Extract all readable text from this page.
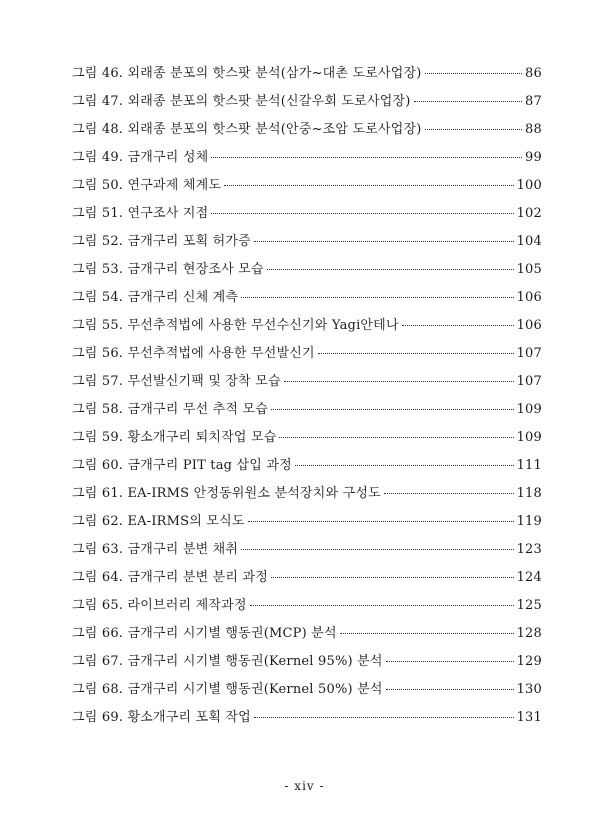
그림 46. 외래종 분포의 핫스팟 분석(삼가~대촌 도로사업장)	86
그림 47. 외래종 분포의 핫스팟 분석(신갈우회 도로사업장)	87
그림 48. 외래종 분포의 핫스팟 분석(안중~조암 도로사업장)	88
그림 49. 금개구리 성체	99
그림 50. 연구과제 체계도	100
그림 51. 연구조사 지점	102
그림 52. 금개구리 포획 허가증	104
그림 53. 금개구리 현장조사 모습	105
그림 54. 금개구리 신체 계측	106
그림 55. 무선추적법에 사용한 무선수신기와 Yagi안테나	106
그림 56. 무선추적법에 사용한 무선발신기	107
그림 57. 무선발신기팩 및 장착 모습	107
그림 58. 금개구리 무선 추적 모습	109
그림 59. 황소개구리 퇴치작업 모습	109
그림 60. 금개구리 PIT tag 삽입 과정	111
그림 61. EA-IRMS 안정동위원소 분석장치와 구성도	118
그림 62. EA-IRMS의 모식도	119
그림 63. 금개구리 분변 채취	123
그림 64. 금개구리 분변 분리 과정	124
그림 65. 라이브러리 제작과정	125
그림 66. 금개구리 시기별 행동권(MCP) 분석	128
그림 67. 금개구리 시기별 행동권(Kernel 95%) 분석	129
그림 68. 금개구리 시기별 행동권(Kernel 50%) 분석	130
그림 69. 황소개구리 포획 작업	131
- xiv -
